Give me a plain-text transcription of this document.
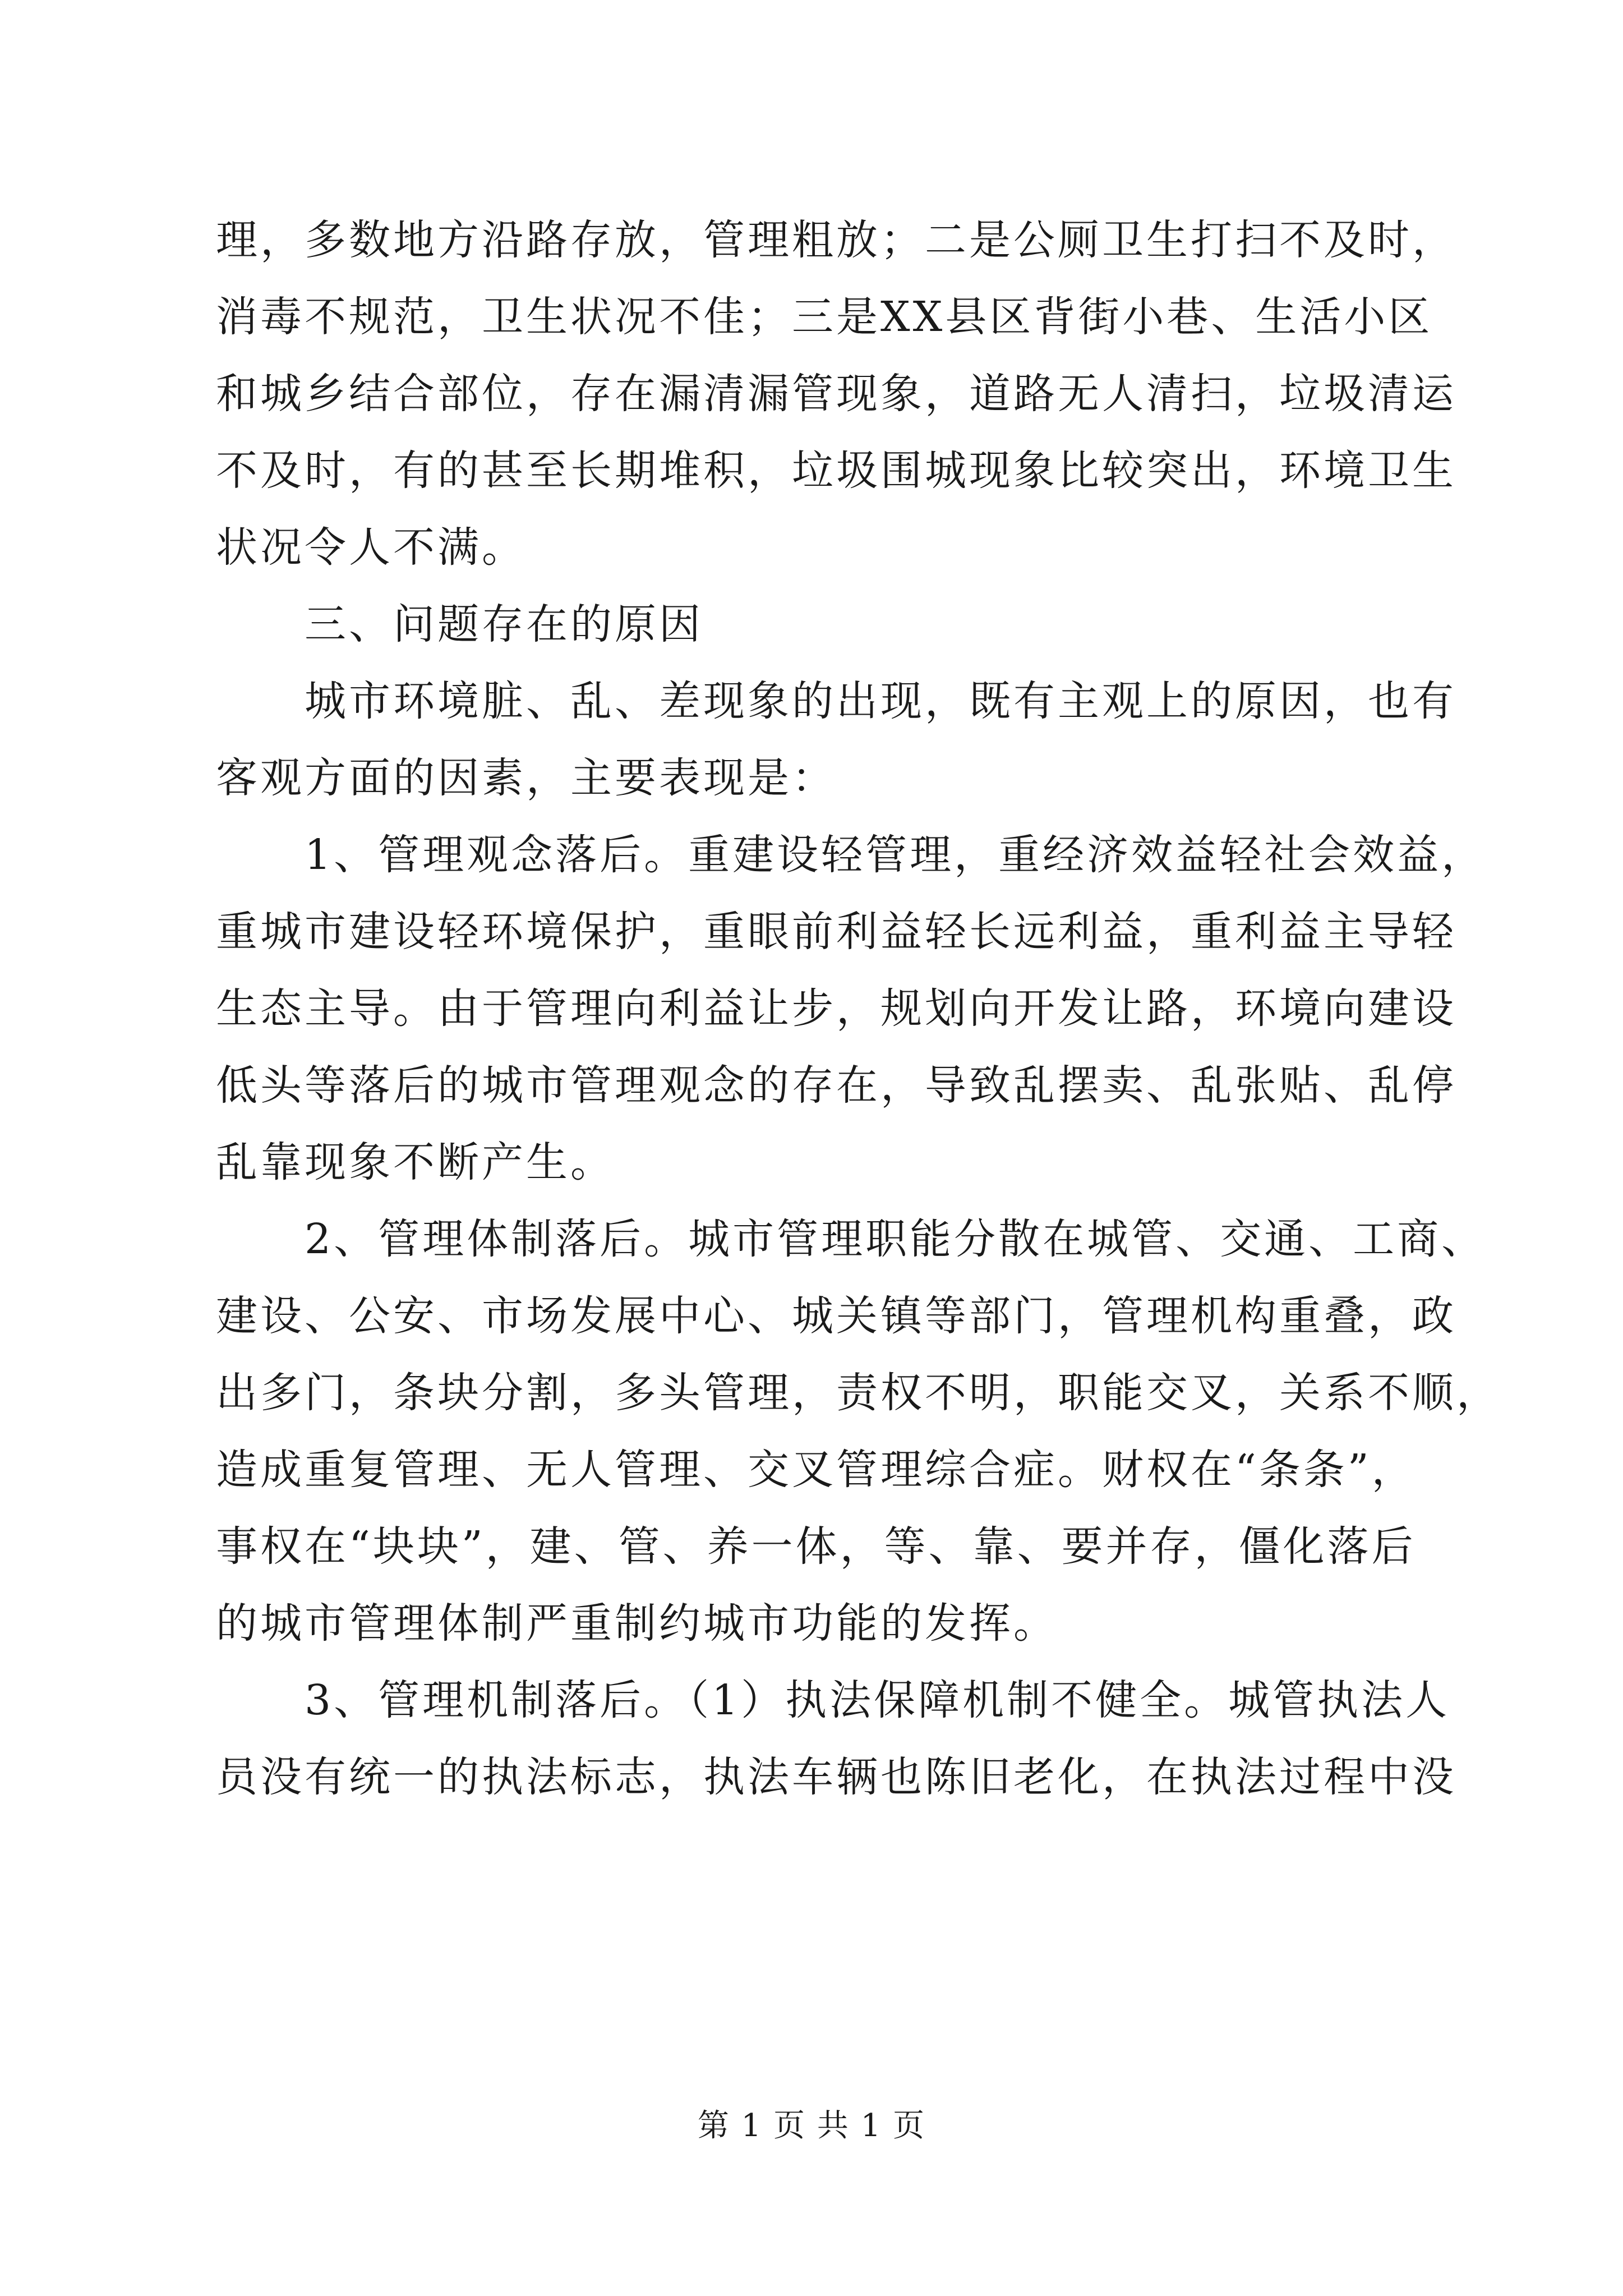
理，多数地方沿路存放，管理粗放；二是公厕卫生打扫不及时，
消毒不规范，卫生状况不佳；三是XX县区背街小巷、生活小区
和城乡结合部位，存在漏清漏管现象，道路无人清扫，垃圾清运
不及时，有的甚至长期堆积，垃圾围城现象比较突出，环境卫生
状况令人不满。
三、问题存在的原因
城市环境脏、乱、差现象的出现，既有主观上的原因，也有
客观方面的因素，主要表现是：
1、管理观念落后。重建设轻管理，重经济效益轻社会效益，
重城市建设轻环境保护，重眼前利益轻长远利益，重利益主导轻
生态主导。由于管理向利益让步，规划向开发让路，环境向建设
低头等落后的城市管理观念的存在，导致乱摆卖、乱张贴、乱停
乱靠现象不断产生。
2、管理体制落后。城市管理职能分散在城管、交通、工商、
建设、公安、市场发展中心、城关镇等部门，管理机构重叠，政
出多门，条块分割，多头管理，责权不明，职能交叉，关系不顺，
造成重复管理、无人管理、交叉管理综合症。财权在“条条”，
事权在“块块”，建、管、养一体，等、靠、要并存，僵化落后
的城市管理体制严重制约城市功能的发挥。
3、管理机制落后。（1）执法保障机制不健全。城管执法人
员没有统一的执法标志，执法车辆也陈旧老化，在执法过程中没
第 1 页 共 1 页
